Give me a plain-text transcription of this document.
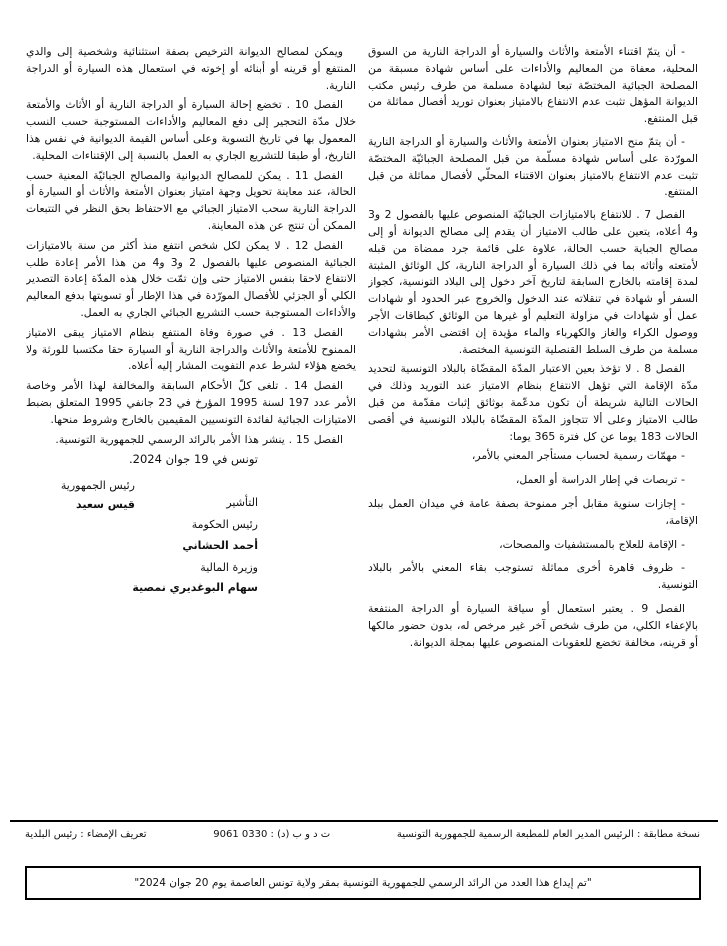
- أن يتمّ اقتناء الأمتعة والأثاث والسيارة أو الدراجة النارية من السوق المحلية، معفاة من المعاليم والأداءات على أساس شهادة مسبقة من المصلحة الجبائية المختصّة تبعا لشهادة مسلمة من طرف رئيس مكتب الديوانة المؤهل تثبت عدم الانتفاع بالامتياز بعنوان توريد أفصال مماثلة من قبل المنتفع.

- أن يتمّ منح الامتياز بعنوان الأمتعة والأثاث والسيارة أو الدراجة النارية المورّدة على أساس شهادة مسلّمة من قبل المصلحة الجبائيّة المختصّة تثبت عدم الانتفاع بالامتياز بعنوان الاقتناء المحلّي لأفصال مماثلة من قبل المنتفع.

الفصل 7 . للانتفاع بالامتيازات الجبائيّة المنصوص عليها بالفصول 2 و3 و4 أعلاه، يتعين على طالب الامتياز أن يقدم إلى مصالح الديوانة أو إلى مصالح الجباية حسب الحالة، علاوة على قائمة جرد ممضاة من قبله لأمتعته وأثاثه بما في ذلك السيارة أو الدراجة النارية، كل الوثائق المثبتة لمدة إقامته بالخارج السابقة لتاريخ آخر دخول إلى البلاد التونسية، كجواز السفر أو شهادة في تنقلاته عند الدخول والخروج عبر الحدود أو شهادات عمل أو شهادات في مزاولة التعليم أو غيرها من الوثائق كبطاقات الأجر ووصول الكراء والغاز والكهرباء والماء مؤيدة إن اقتضى الأمر بشهادات مسلمة من طرف السلط القنصلية التونسية المختصة.

الفصل 8 . لا تؤخذ بعين الاعتبار المدّة المقضّاة بالبلاد التونسية لتحديد مدّة الإقامة التي تؤهل الانتفاع بنظام الامتياز عند التوريد وذلك في الحالات التالية شريطة أن تكون مدعّمة بوثائق إثبات مقدّمة من قبل طالب الامتياز وعلى ألا تتجاوز المدّة المقضّاة بالبلاد التونسية في أقصى الحالات 183 يوما عن كل فترة 365 يوما:

- مهمّات رسمية لحساب مستأجر المعني بالأمر،

- تربصات في إطار الدراسة أو العمل،

- إجازات سنوية مقابل أجر ممنوحة بصفة عامة في ميدان العمل ببلد الإقامة،

- الإقامة للعلاج بالمستشفيات والمصحات،

- ظروف قاهرة أخرى مماثلة تستوجب بقاء المعني بالأمر بالبلاد التونسية.

الفصل 9 . يعتبر استعمال أو سياقة السيارة أو الدراجة المنتفعة بالإعفاء الكلي، من طرف شخص آخر غير مرخص له، بدون حضور مالكها أو قرينه، مخالفة تخضع للعقوبات المنصوص عليها بمجلة الديوانة.

ويمكن لمصالح الديوانة الترخيص بصفة استثنائية وشخصية إلى والدي المنتفع أو قرينه أو أبنائه أو إخوته في استعمال هذه السيارة أو الدراجة النارية.

الفصل 10 . تخضع إحالة السيارة أو الدراجة النارية أو الأثاث والأمتعة خلال مدّة التحجير إلى دفع المعاليم والأداءات المستوجبة حسب النسب المعمول بها في تاريخ التسوية وعلى أساس القيمة الديوانية في نفس هذا التاريخ، أو طبقا للتشريع الجاري به العمل بالنسبة إلى الإقتناءات المحلية.

الفصل 11 . يمكن للمصالح الديوانية والمصالح الجبائيّة المعنية حسب الحالة، عند معاينة تحويل وجهة امتياز بعنوان الأمتعة والأثاث أو السيارة أو الدراجة النارية سحب الامتياز الجبائي مع الاحتفاظ بحق النظر في التتبعات الممكن أن تنتج عن هذه المعاينة.

الفصل 12 . لا يمكن لكل شخص انتفع منذ أكثر من سنة بالامتيازات الجبائية المنصوص عليها بالفصول 2 و3 و4 من هذا الأمر إعادة طلب الانتفاع لاحقا بنفس الامتياز حتى وإن تمّت خلال هذه المدّة إعادة التصدير الكلي أو الجزئي للأفصال المورّدة في هذا الإطار أو تسويتها بدفع المعاليم والأداءات المستوجبة حسب التشريع الجبائي الجاري به العمل.

الفصل 13 . في صورة وفاة المنتفع بنظام الامتياز يبقى الامتياز الممنوح للأمتعة والأثاث والدراجة النارية أو السيارة حقا مكتسبا للورثة ولا يخضع هؤلاء لشرط عدم التفويت المشار إليه أعلاه.

الفصل 14 . تلغى كلّ الأحكام السابقة والمخالفة لهذا الأمر وخاصة الأمر عدد 197 لسنة 1995 المؤرخ في 23 جانفي 1995 المتعلق بضبط الامتيازات الجبائية لفائدة التونسيين المقيمين بالخارج وشروط منحها.

الفصل 15 . ينشر هذا الأمر بالرائد الرسمي للجمهورية التونسية.

تونس في 19 جوان 2024.
رئيس الجمهورية
قيس سعيد	التأشير
رئيس الحكومة
أحمد الحشاني
وزيرة المالية
سهام البوغديري نمصية
نسخة مطابقة : الرئيس المدير العام للمطبعة الرسمية للجمهورية التونسية
ت د و ب (د) : 0330 9061
تعريف الإمضاء : رئيس البلدية
"تم إيداع هذا العدد من الرائد الرسمي للجمهورية التونسية بمقر ولاية تونس العاصمة يوم 20 جوان 2024"
